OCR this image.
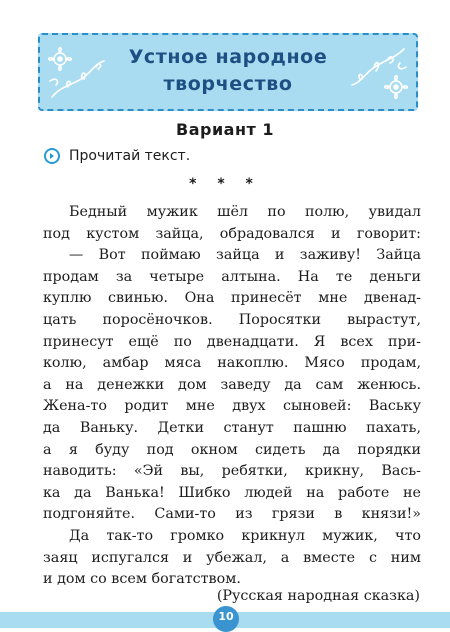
Устное народное
творчество
Вариант 1
Прочитай текст.
* * *
Бедный мужик шёл по полю, увидал
под кустом зайца, обрадовался и говорит:
— Вот поймаю зайца и заживу! Зайца
продам за четыре алтына. На те деньги
куплю свинью. Она принесёт мне двенад-
цать поросёночков. Поросятки вырастут,
принесут ещё по двенадцати. Я всех при-
колю, амбар мяса накоплю. Мясо продам,
а на денежки дом заведу да сам женюсь.
Жена-то родит мне двух сыновей: Ваську
да Ваньку. Детки станут пашню пахать,
а я буду под окном сидеть да порядки
наводить: «Эй вы, ребятки, крикну, Вась-
ка да Ванька! Шибко людей на работе не
подгоняйте. Сами-то из грязи в князи!»
Да так-то громко крикнул мужик, что
заяц испугался и убежал, а вместе с ним
и дом со всем богатством.
(Русская народная сказка)
10
